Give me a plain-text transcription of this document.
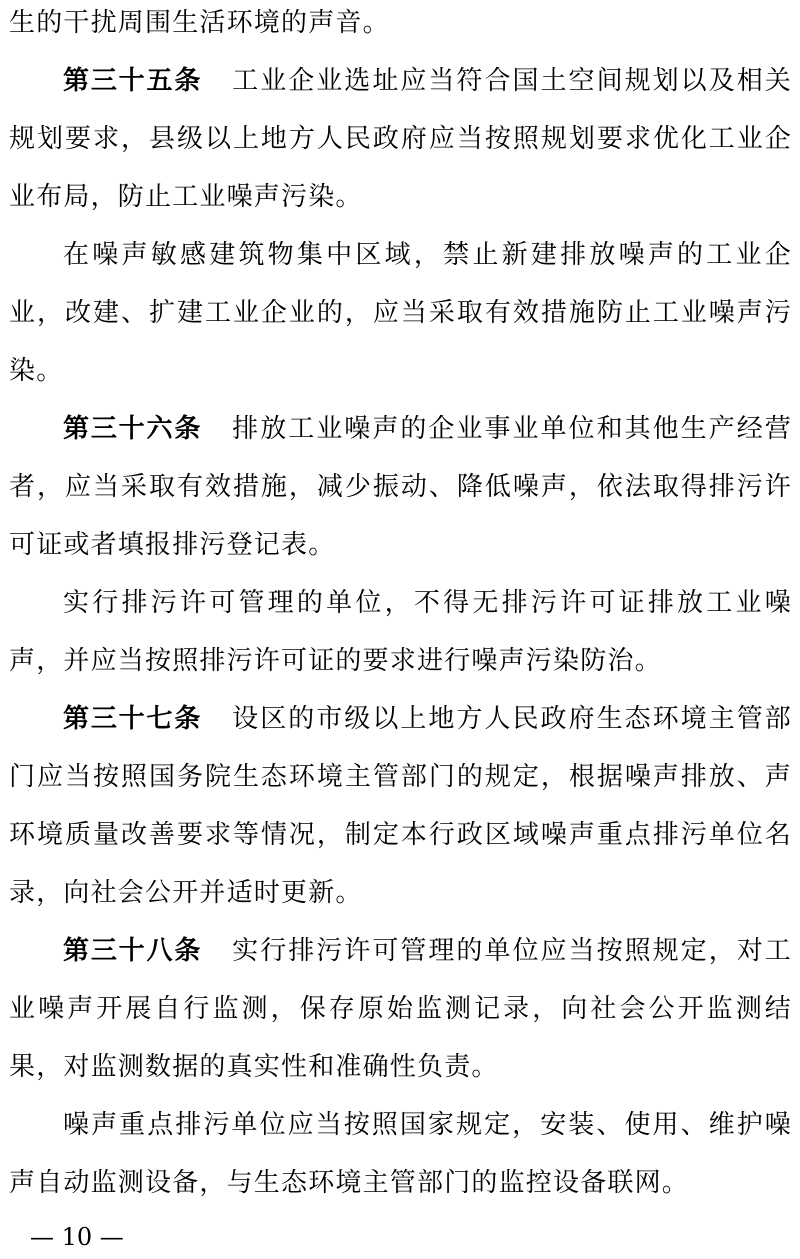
生的干扰周围生活环境的声音。

第三十五条 工业企业选址应当符合国土空间规划以及相关规划要求，县级以上地方人民政府应当按照规划要求优化工业企业布局，防止工业噪声污染。

在噪声敏感建筑物集中区域，禁止新建排放噪声的工业企业，改建、扩建工业企业的，应当采取有效措施防止工业噪声污染。

第三十六条 排放工业噪声的企业事业单位和其他生产经营者，应当采取有效措施，减少振动、降低噪声，依法取得排污许可证或者填报排污登记表。

实行排污许可管理的单位，不得无排污许可证排放工业噪声，并应当按照排污许可证的要求进行噪声污染防治。

第三十七条 设区的市级以上地方人民政府生态环境主管部门应当按照国务院生态环境主管部门的规定，根据噪声排放、声环境质量改善要求等情况，制定本行政区域噪声重点排污单位名录，向社会公开并适时更新。

第三十八条 实行排污许可管理的单位应当按照规定，对工业噪声开展自行监测，保存原始监测记录，向社会公开监测结果，对监测数据的真实性和准确性负责。

噪声重点排污单位应当按照国家规定，安装、使用、维护噪声自动监测设备，与生态环境主管部门的监控设备联网。

— 10 —
